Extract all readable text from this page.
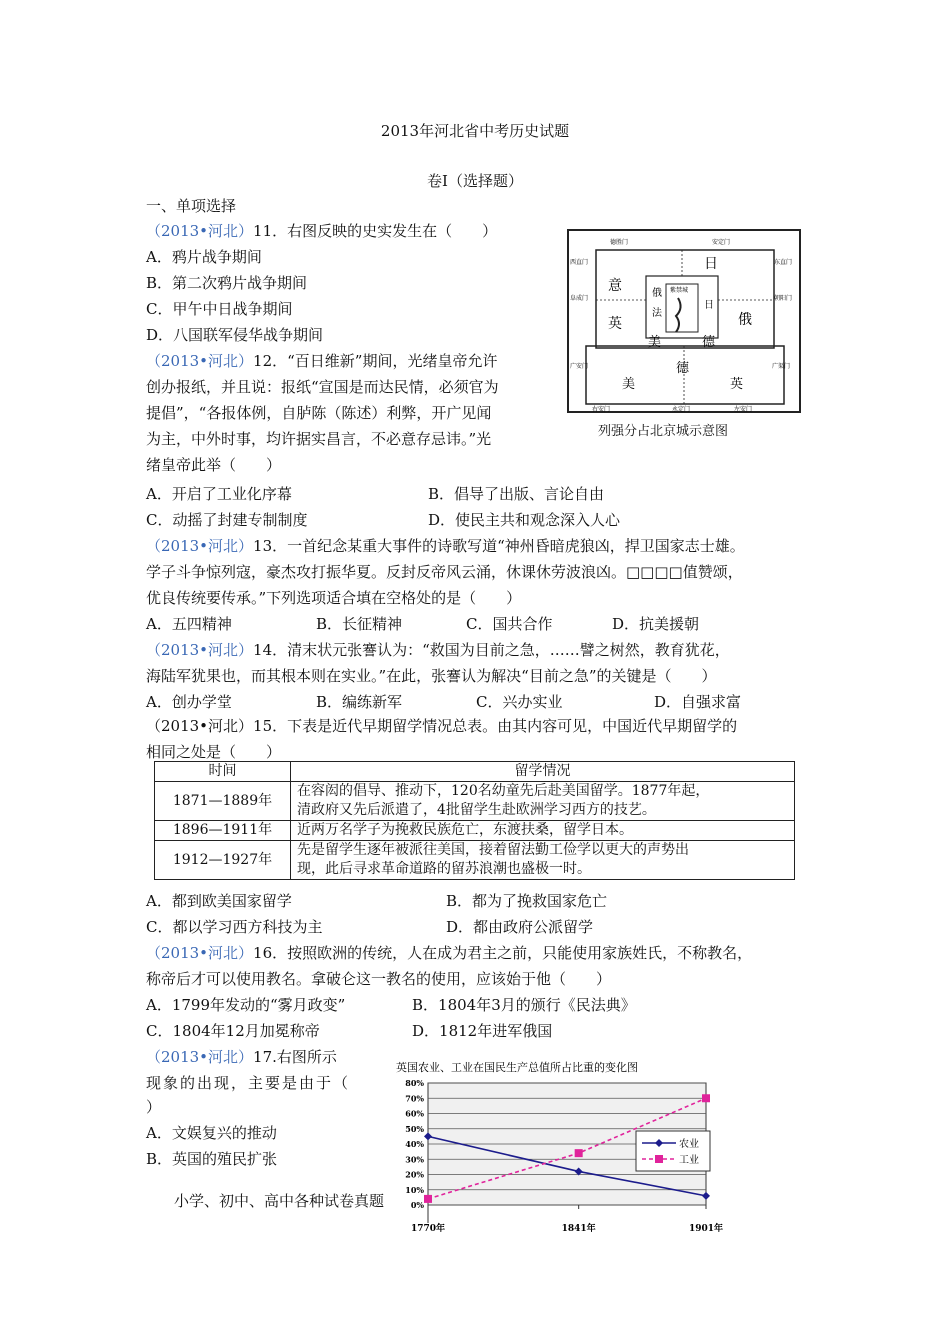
2013年河北省中考历史试题
卷Ⅰ（选择题）
一、单项选择
（2013•河北）11．右图反映的史实发生在（　　）
A．鸦片战争期间
B．第二次鸦片战争期间
C．甲午中日战争期间
D．八国联军侵华战争期间
德胜门	安定门
东直门
西直门
朝阳门
阜成门
广渠门
广安门
左安门
右安门	永定门
日
意
英	俄
美	德
俄
法
日
紫禁城
德
美	英
列强分占北京城示意图
（2013•河北）12．“百日维新”期间，光绪皇帝允许
创办报纸，并且说：报纸“宣国是而达民情，必须官为
提倡”，“各报体例，自胪陈（陈述）利弊，开广见闻
为主，中外时事，均许据实昌言，不必意存忌讳。”光
绪皇帝此举（　　）
A．开启了工业化序幕	B．倡导了出版、言论自由
C．动摇了封建专制制度	D．使民主共和观念深入人心
（2013•河北）13．一首纪念某重大事件的诗歌写道“神州昏暗虎狼凶，捍卫国家志士雄。
学子斗争惊列寇，豪杰攻打振华夏。反封反帝风云涌，休课休劳波浪凶。□□□□值赞颂，
优良传统要传承。”下列选项适合填在空格处的是（　　）
A．五四精神	B．长征精神	C．国共合作	D．抗美援朝
（2013•河北）14．清末状元张謇认为：“救国为目前之急，……譬之树然，教育犹花，
海陆军犹果也，而其根本则在实业。”在此，张謇认为解决“目前之急”的关键是（　　）
A．创办学堂	B．编练新军	C．兴办实业	D．自强求富
（2013•河北）15．下表是近代早期留学情况总表。由其内容可见，中国近代早期留学的
相同之处是（　　）
时间	留学情况
1871—1889年	在容闳的倡导、推动下，120名幼童先后赴美国留学。1877年起，
清政府又先后派遣了，4批留学生赴欧洲学习西方的技艺。

1896—1911年	近两万名学子为挽救民族危亡，东渡扶桑，留学日本。
1912—1927年	先是留学生逐年被派往美国，接着留法勤工俭学以更大的声势出
现，此后寻求革命道路的留苏浪潮也盛极一时。
A．都到欧美国家留学	B．都为了挽救国家危亡
C．都以学习西方科技为主	D．都由政府公派留学
（2013•河北）16．按照欧洲的传统，人在成为君主之前，只能使用家族姓氏，不称教名，
称帝后才可以使用教名。拿破仑这一教名的使用，应该始于他（　　）
A．1799年发动的“雾月政变”	B．1804年3月的颁行《民法典》
C．1804年12月加冕称帝	D．1812年进军俄国
（2013•河北）17.右图所示
现象的出现，主要是由于（
）
A．文娱复兴的推动
B．英国的殖民扩张
小学、初中、高中各种试卷真题
英国农业、工业在国民生产总值所占比重的变化图
0%
10%
20%
30%
40%
50%
60%
70%
80%
1770年	1841年	1901年
农业
工业
